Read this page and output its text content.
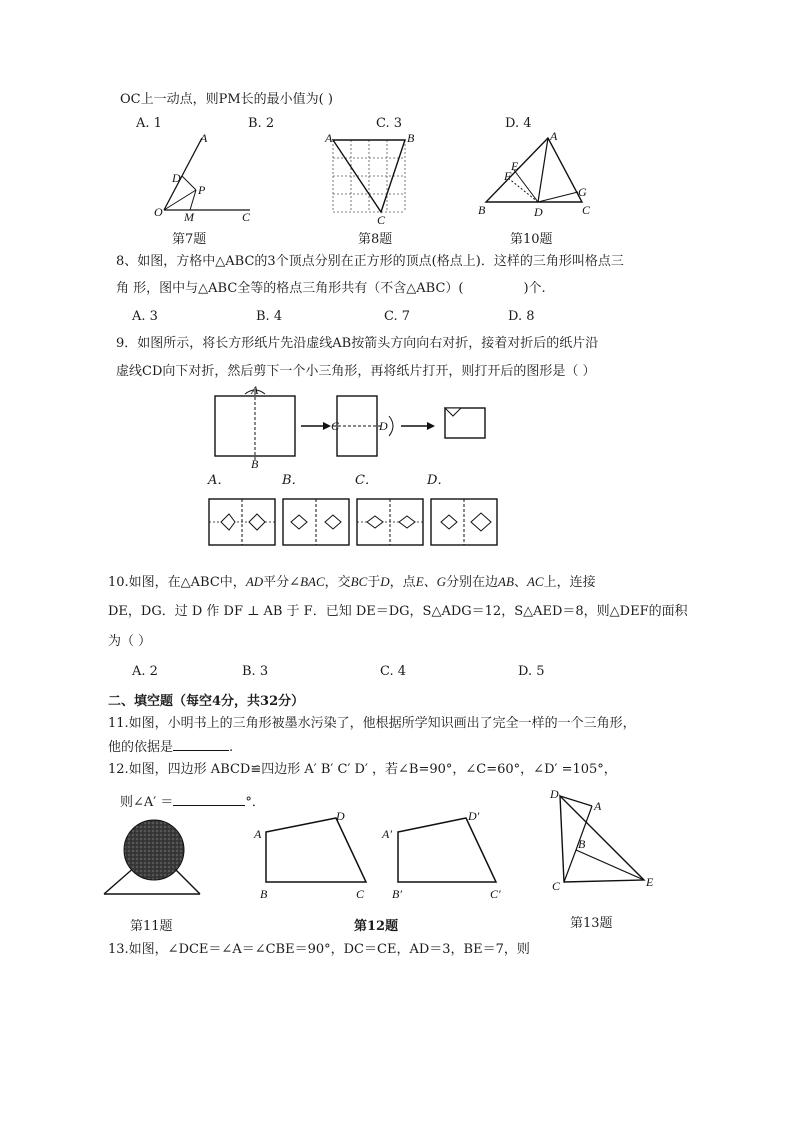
OC上一动点，则PM长的最小值为( )
A. 1	B. 2	C. 3	D. 4
A
D
P
O M	C
第7题
A	B
C
第8题
A
E
F
G
B	D	C
第10题
8、如图，方格中△ABC的3个顶点分别在正方形的顶点(格点上)．这样的三角形叫格点三
角 形，图中与△ABC全等的格点三角形共有（不含△ABC）(	)个.
A. 3	B. 4	C. 7	D. 8
9．如图所示，将长方形纸片先沿虚线AB按箭头方向向右对折，接着对折后的纸片沿
虚线CD向下对折，然后剪下一个小三角形，再将纸片打开，则打开后的图形是（ ）
A
B
C	D
A．	B．	C．	D．
10.如图，在△ABC中，AD平分∠BAC，交BC于D，点E、G分别在边AB、AC上，连接
DE，DG．过 D 作 DF ⊥ AB 于 F．已知 DE＝DG，S△ADG＝12，S△AED＝8，则△DEF的面积
为（ ）
A. 2	B. 3	C. 4	D. 5
二、填空题（每空4分，共32分）
11.如图，小明书上的三角形被墨水污染了，他根据所学知识画出了完全一样的一个三角形，
他的依据是	.
12.如图，四边形 ABCD≌四边形 A′ B′ C′ D′ ，若∠B=90°，∠C=60°，∠D′ =105°，
则∠A′ ＝	°．
第11题
A
D
B	C
A′
D′
B′	C′
第12题
D
A
B
C	E
第13题
13.如图，∠DCE＝∠A＝∠CBE＝90°，DC＝CE，AD＝3，BE＝7，则
